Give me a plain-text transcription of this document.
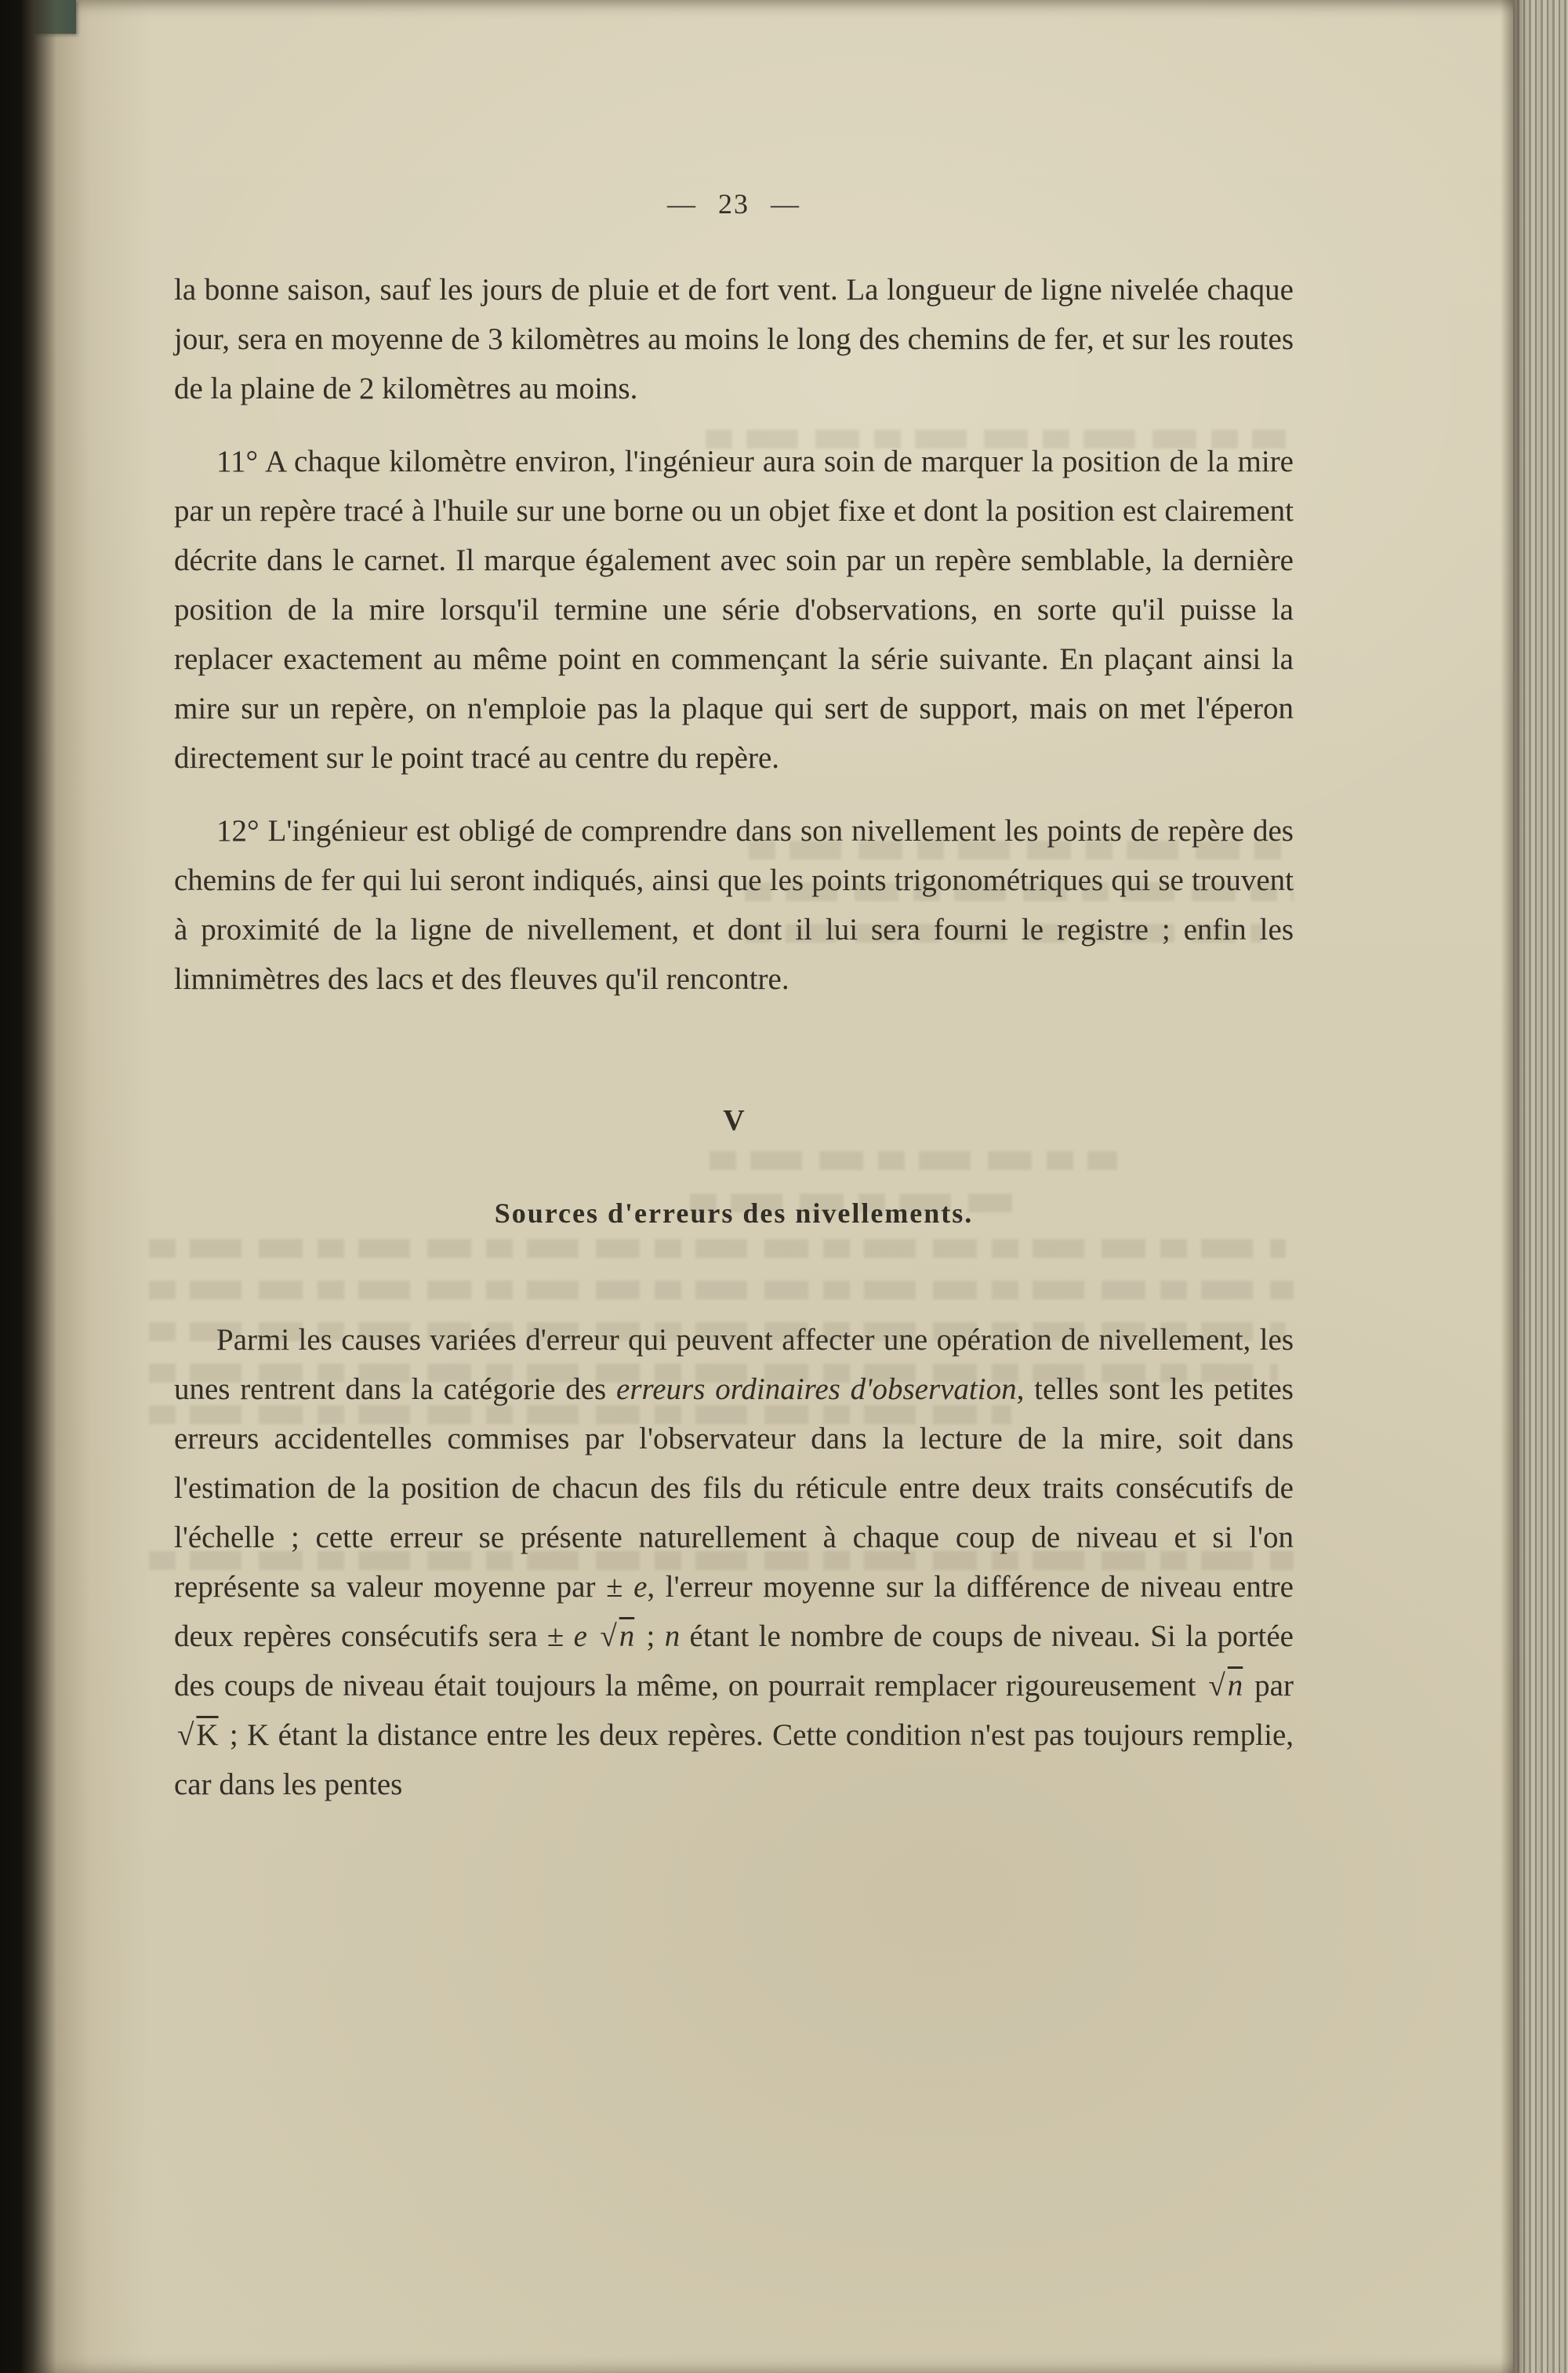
— 23 —

la bonne saison, sauf les jours de pluie et de fort vent. La longueur de ligne nivelée chaque jour, sera en moyenne de 3 kilomètres au moins le long des chemins de fer, et sur les routes de la plaine de 2 kilomètres au moins.

11° A chaque kilomètre environ, l'ingénieur aura soin de marquer la position de la mire par un repère tracé à l'huile sur une borne ou un objet fixe et dont la position est clairement décrite dans le carnet. Il marque également avec soin par un repère semblable, la dernière position de la mire lorsqu'il termine une série d'observations, en sorte qu'il puisse la replacer exactement au même point en commençant la série suivante. En plaçant ainsi la mire sur un repère, on n'emploie pas la plaque qui sert de support, mais on met l'éperon directement sur le point tracé au centre du repère.

12° L'ingénieur est obligé de comprendre dans son nivellement les points de repère des chemins de fer qui lui seront indiqués, ainsi que les points trigonométriques qui se trouvent à proximité de la ligne de nivellement, et dont il lui sera fourni le registre ; enfin les limnimètres des lacs et des fleuves qu'il rencontre.

V
Sources d'erreurs des nivellements.

Parmi les causes variées d'erreur qui peuvent affecter une opération de nivellement, les unes rentrent dans la catégorie des erreurs ordinaires d'observation, telles sont les petites erreurs accidentelles commises par l'observateur dans la lecture de la mire, soit dans l'estimation de la position de chacun des fils du réticule entre deux traits consécutifs de l'échelle ; cette erreur se présente naturellement à chaque coup de niveau et si l'on représente sa valeur moyenne par ± e, l'erreur moyenne sur la différence de niveau entre deux repères consécutifs sera ± e √n ; n étant le nombre de coups de niveau. Si la portée des coups de niveau était toujours la même, on pourrait remplacer rigoureusement √n par √K ; K étant la distance entre les deux repères. Cette condition n'est pas toujours remplie, car dans les pentes
